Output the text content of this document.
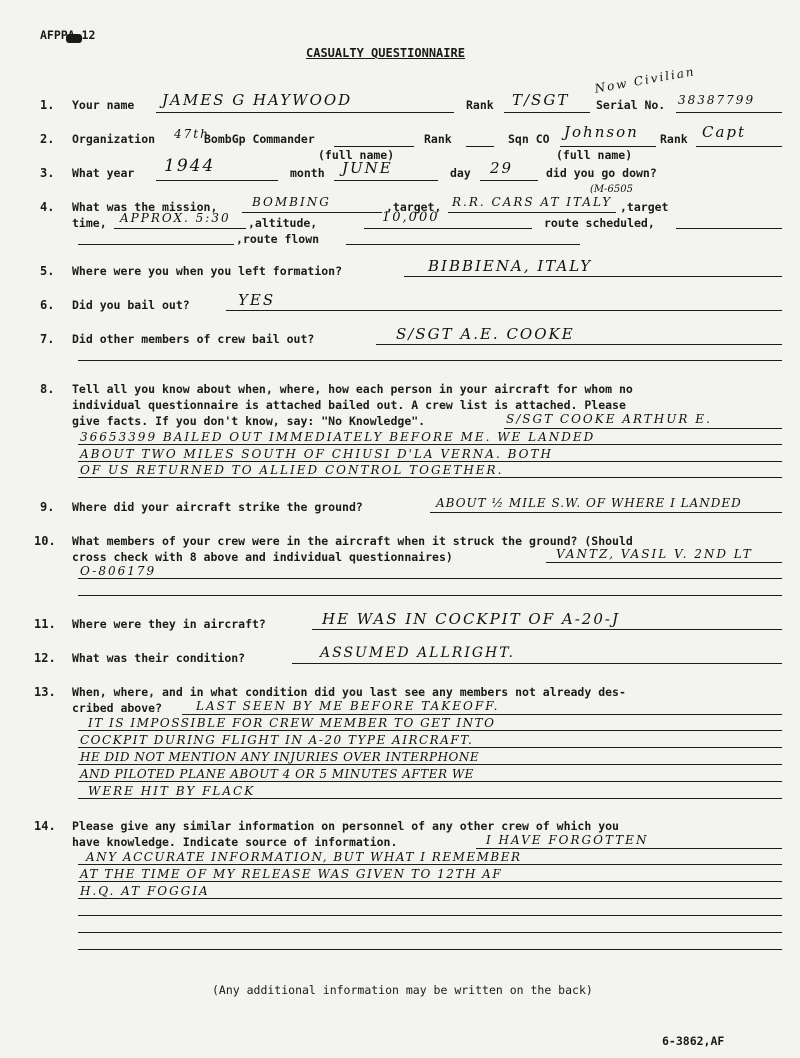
AFPPA-12
CASUALTY QUESTIONNAIRE
1. Your name JAMES G HAYWOOD	Rank T/SGT
Now Civilian
Serial No. 38387799
2. Organization 47th
BombGp Commander
(full name)
Rank	Sqn CO Johnson Rank Capt
(full name)
3. What year 1944	month JUNE	day 29	did you go down?
4. What was the mission,	BOMBING	,target, R.R. CARS AT ITALY
(M-6505
,target
time, APPROX. 5:30 ,altitude,	10,000	route scheduled,
,route flown
5. Where were you when you left formation?	BIBBIENA, ITALY
6. Did you bail out?	YES
7. Did other members of crew bail out?	S/SGT A.E. COOKE
8. Tell all you know about when, where, how each person in your aircraft for whom no
individual questionnaire is attached bailed out. A crew list is attached. Please
give facts. If you don't know, say: "No Knowledge".	S/SGT COOKE ARTHUR E.
36653399 BAILED OUT IMMEDIATELY BEFORE ME. WE LANDED
ABOUT TWO MILES SOUTH OF CHIUSI D'LA VERNA. BOTH
OF US RETURNED TO ALLIED CONTROL TOGETHER.
9. Where did your aircraft strike the ground?	ABOUT ½ MILE S.W. OF WHERE I LANDED
10. What members of your crew were in the aircraft when it struck the ground? (Should
cross check with 8 above and individual questionnaires)	VANTZ, VASIL V. 2ND LT
O-806179
11. Where were they in aircraft?	HE WAS IN COCKPIT OF A-20-J
12. What was their condition?	ASSUMED ALLRIGHT.
13. When, where, and in what condition did you last see any members not already des-
cribed above?	LAST SEEN BY ME BEFORE TAKEOFF.
IT IS IMPOSSIBLE FOR CREW MEMBER TO GET INTO
COCKPIT DURING FLIGHT IN A-20 TYPE AIRCRAFT.
HE DID NOT MENTION ANY INJURIES OVER INTERPHONE
AND PILOTED PLANE ABOUT 4 OR 5 MINUTES AFTER WE
WERE HIT BY FLACK
14. Please give any similar information on personnel of any other crew of which you
have knowledge. Indicate source of information.	I HAVE FORGOTTEN
ANY ACCURATE INFORMATION, BUT WHAT I REMEMBER
AT THE TIME OF MY RELEASE WAS GIVEN TO 12TH AF
H.Q. AT FOGGIA
(Any additional information may be written on the back)
6-3862,AF
